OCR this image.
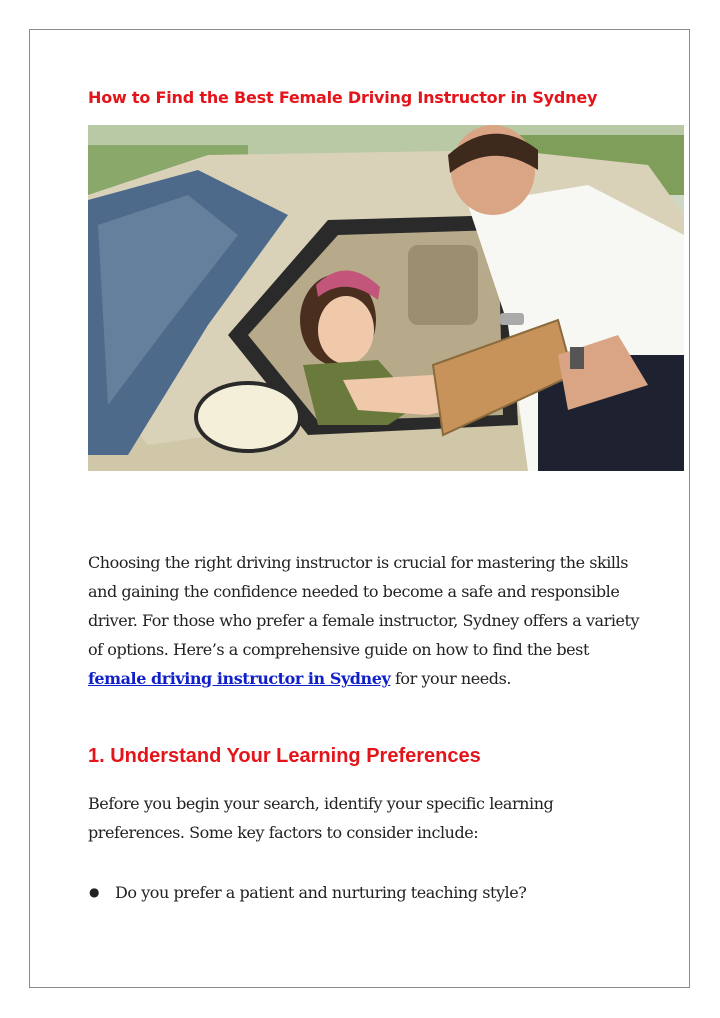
How to Find the Best Female Driving Instructor in Sydney

Choosing the right driving instructor is crucial for mastering the skills and gaining the confidence needed to become a safe and responsible driver. For those who prefer a female instructor, Sydney offers a variety of options. Here’s a comprehensive guide on how to find the best female driving instructor in Sydney for your needs.

1. Understand Your Learning Preferences

Before you begin your search, identify your specific learning preferences. Some key factors to consider include:

● Do you prefer a patient and nurturing teaching style?
